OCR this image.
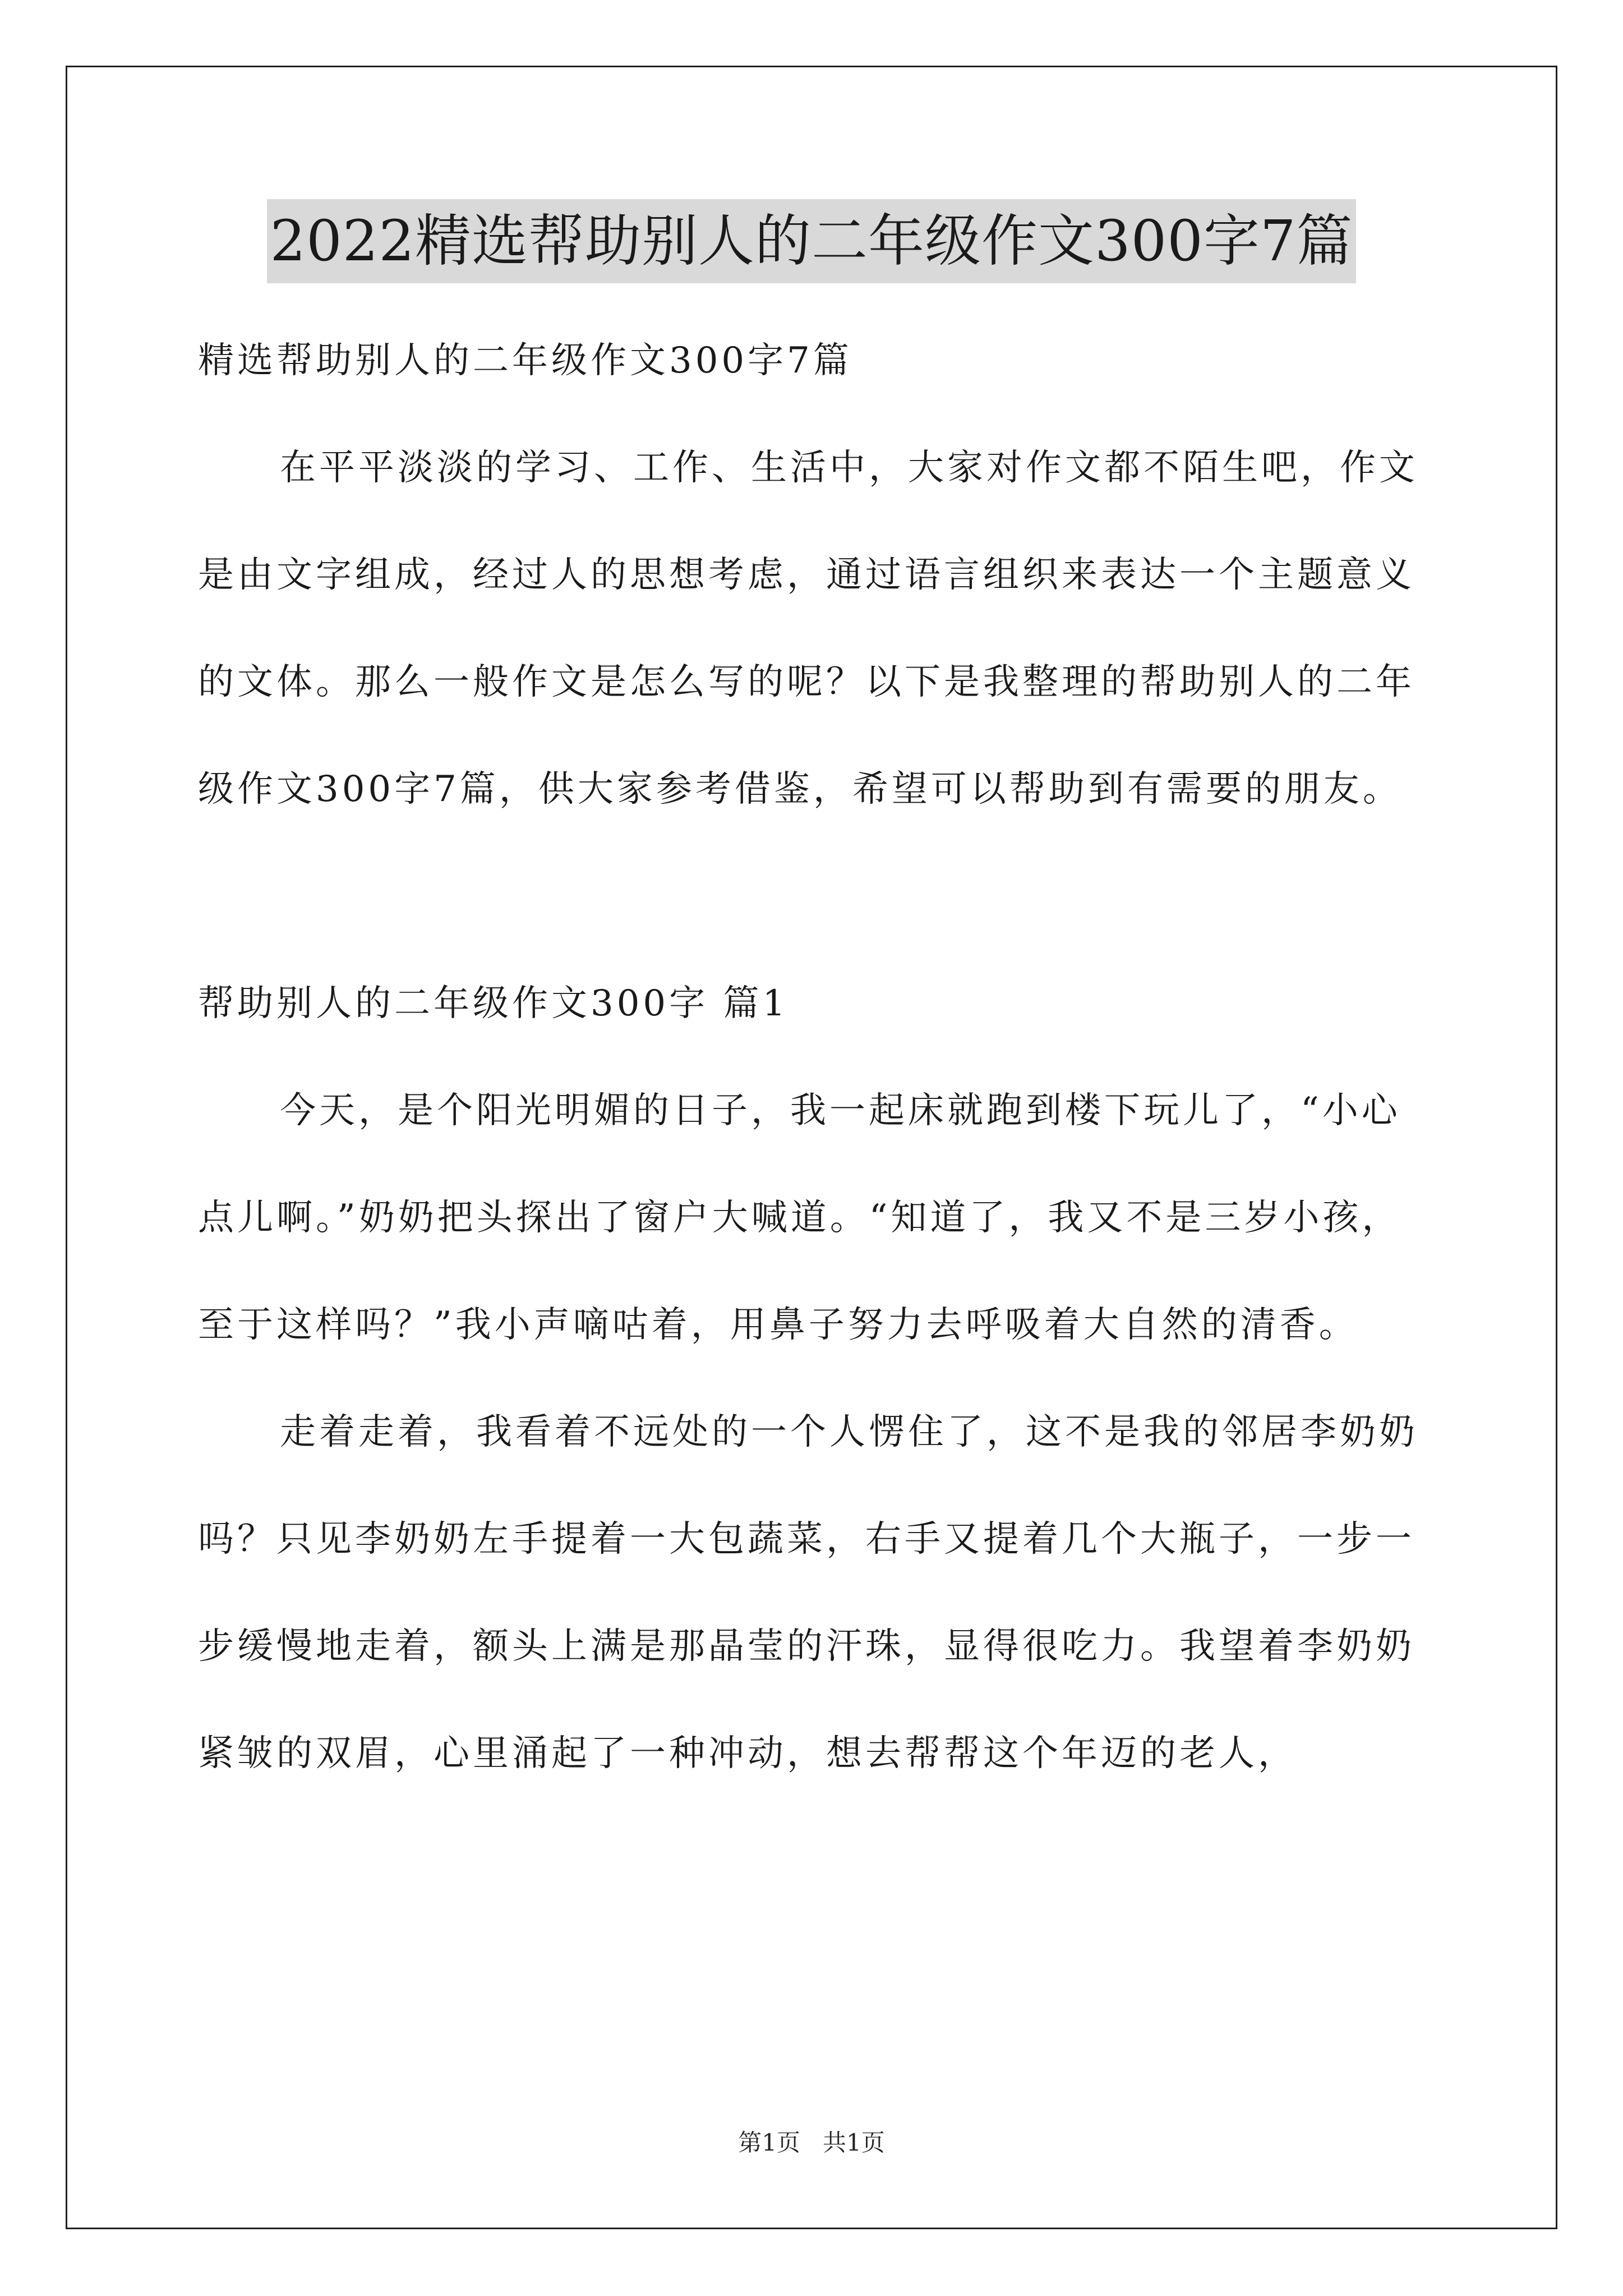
2022精选帮助别人的二年级作文300字7篇

精选帮助别人的二年级作文300字7篇

在平平淡淡的学习、工作、生活中，大家对作文都不陌生吧，作文是由文字组成，经过人的思想考虑，通过语言组织来表达一个主题意义的文体。那么一般作文是怎么写的呢？以下是我整理的帮助别人的二年级作文300字7篇，供大家参考借鉴，希望可以帮助到有需要的朋友。

帮助别人的二年级作文300字 篇1

今天，是个阳光明媚的日子，我一起床就跑到楼下玩儿了，“小心点儿啊。”奶奶把头探出了窗户大喊道。“知道了，我又不是三岁小孩，至于这样吗？”我小声嘀咕着，用鼻子努力去呼吸着大自然的清香。

走着走着，我看着不远处的一个人愣住了，这不是我的邻居李奶奶吗？只见李奶奶左手提着一大包蔬菜，右手又提着几个大瓶子，一步一步缓慢地走着，额头上满是那晶莹的汗珠，显得很吃力。我望着李奶奶紧皱的双眉，心里涌起了一种冲动，想去帮帮这个年迈的老人，

第1页   共1页
